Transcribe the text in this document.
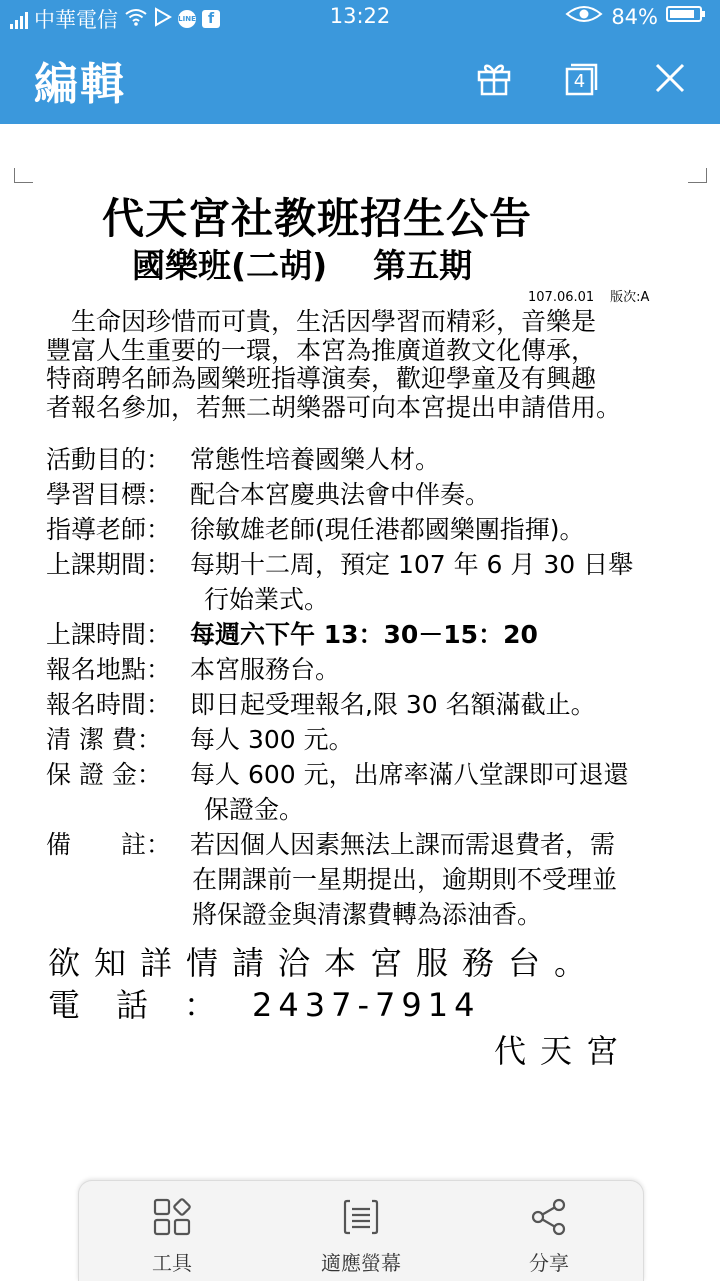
中華電信	LINE f	13:22	84%
編輯	4
代天宮社教班招生公告
國樂班(二胡) 第五期
107.06.01 版次:A
　生命因珍惜而可貴，生活因學習而精彩，音樂是
豐富人生重要的一環，本宮為推廣道教文化傳承，
特商聘名師為國樂班指導演奏，歡迎學童及有興趣
者報名參加，若無二胡樂器可向本宮提出申請借用。
活動目的： 常態性培養國樂人材。
學習目標： 配合本宮慶典法會中伴奏。
指導老師： 徐敏雄老師(現任港都國樂團指揮)。
上課期間： 每期十二周，預定 107 年 6 月 30 日舉
行始業式。
上課時間： 每週六下午 13：30－15：20
報名地點： 本宮服務台。
報名時間： 即日起受理報名,限 30 名額滿截止。
清 潔 費：	每人 300 元。
保 證 金：	每人 600 元，出席率滿八堂課即可退還
保證金。
備　　註： 若因個人因素無法上課而需退費者，需
在開課前一星期提出，逾期則不受理並
將保證金與清潔費轉為添油香。
欲知詳情請洽本宮服務台。
電話：2437-7914
代天宮
工具	適應螢幕	分享
